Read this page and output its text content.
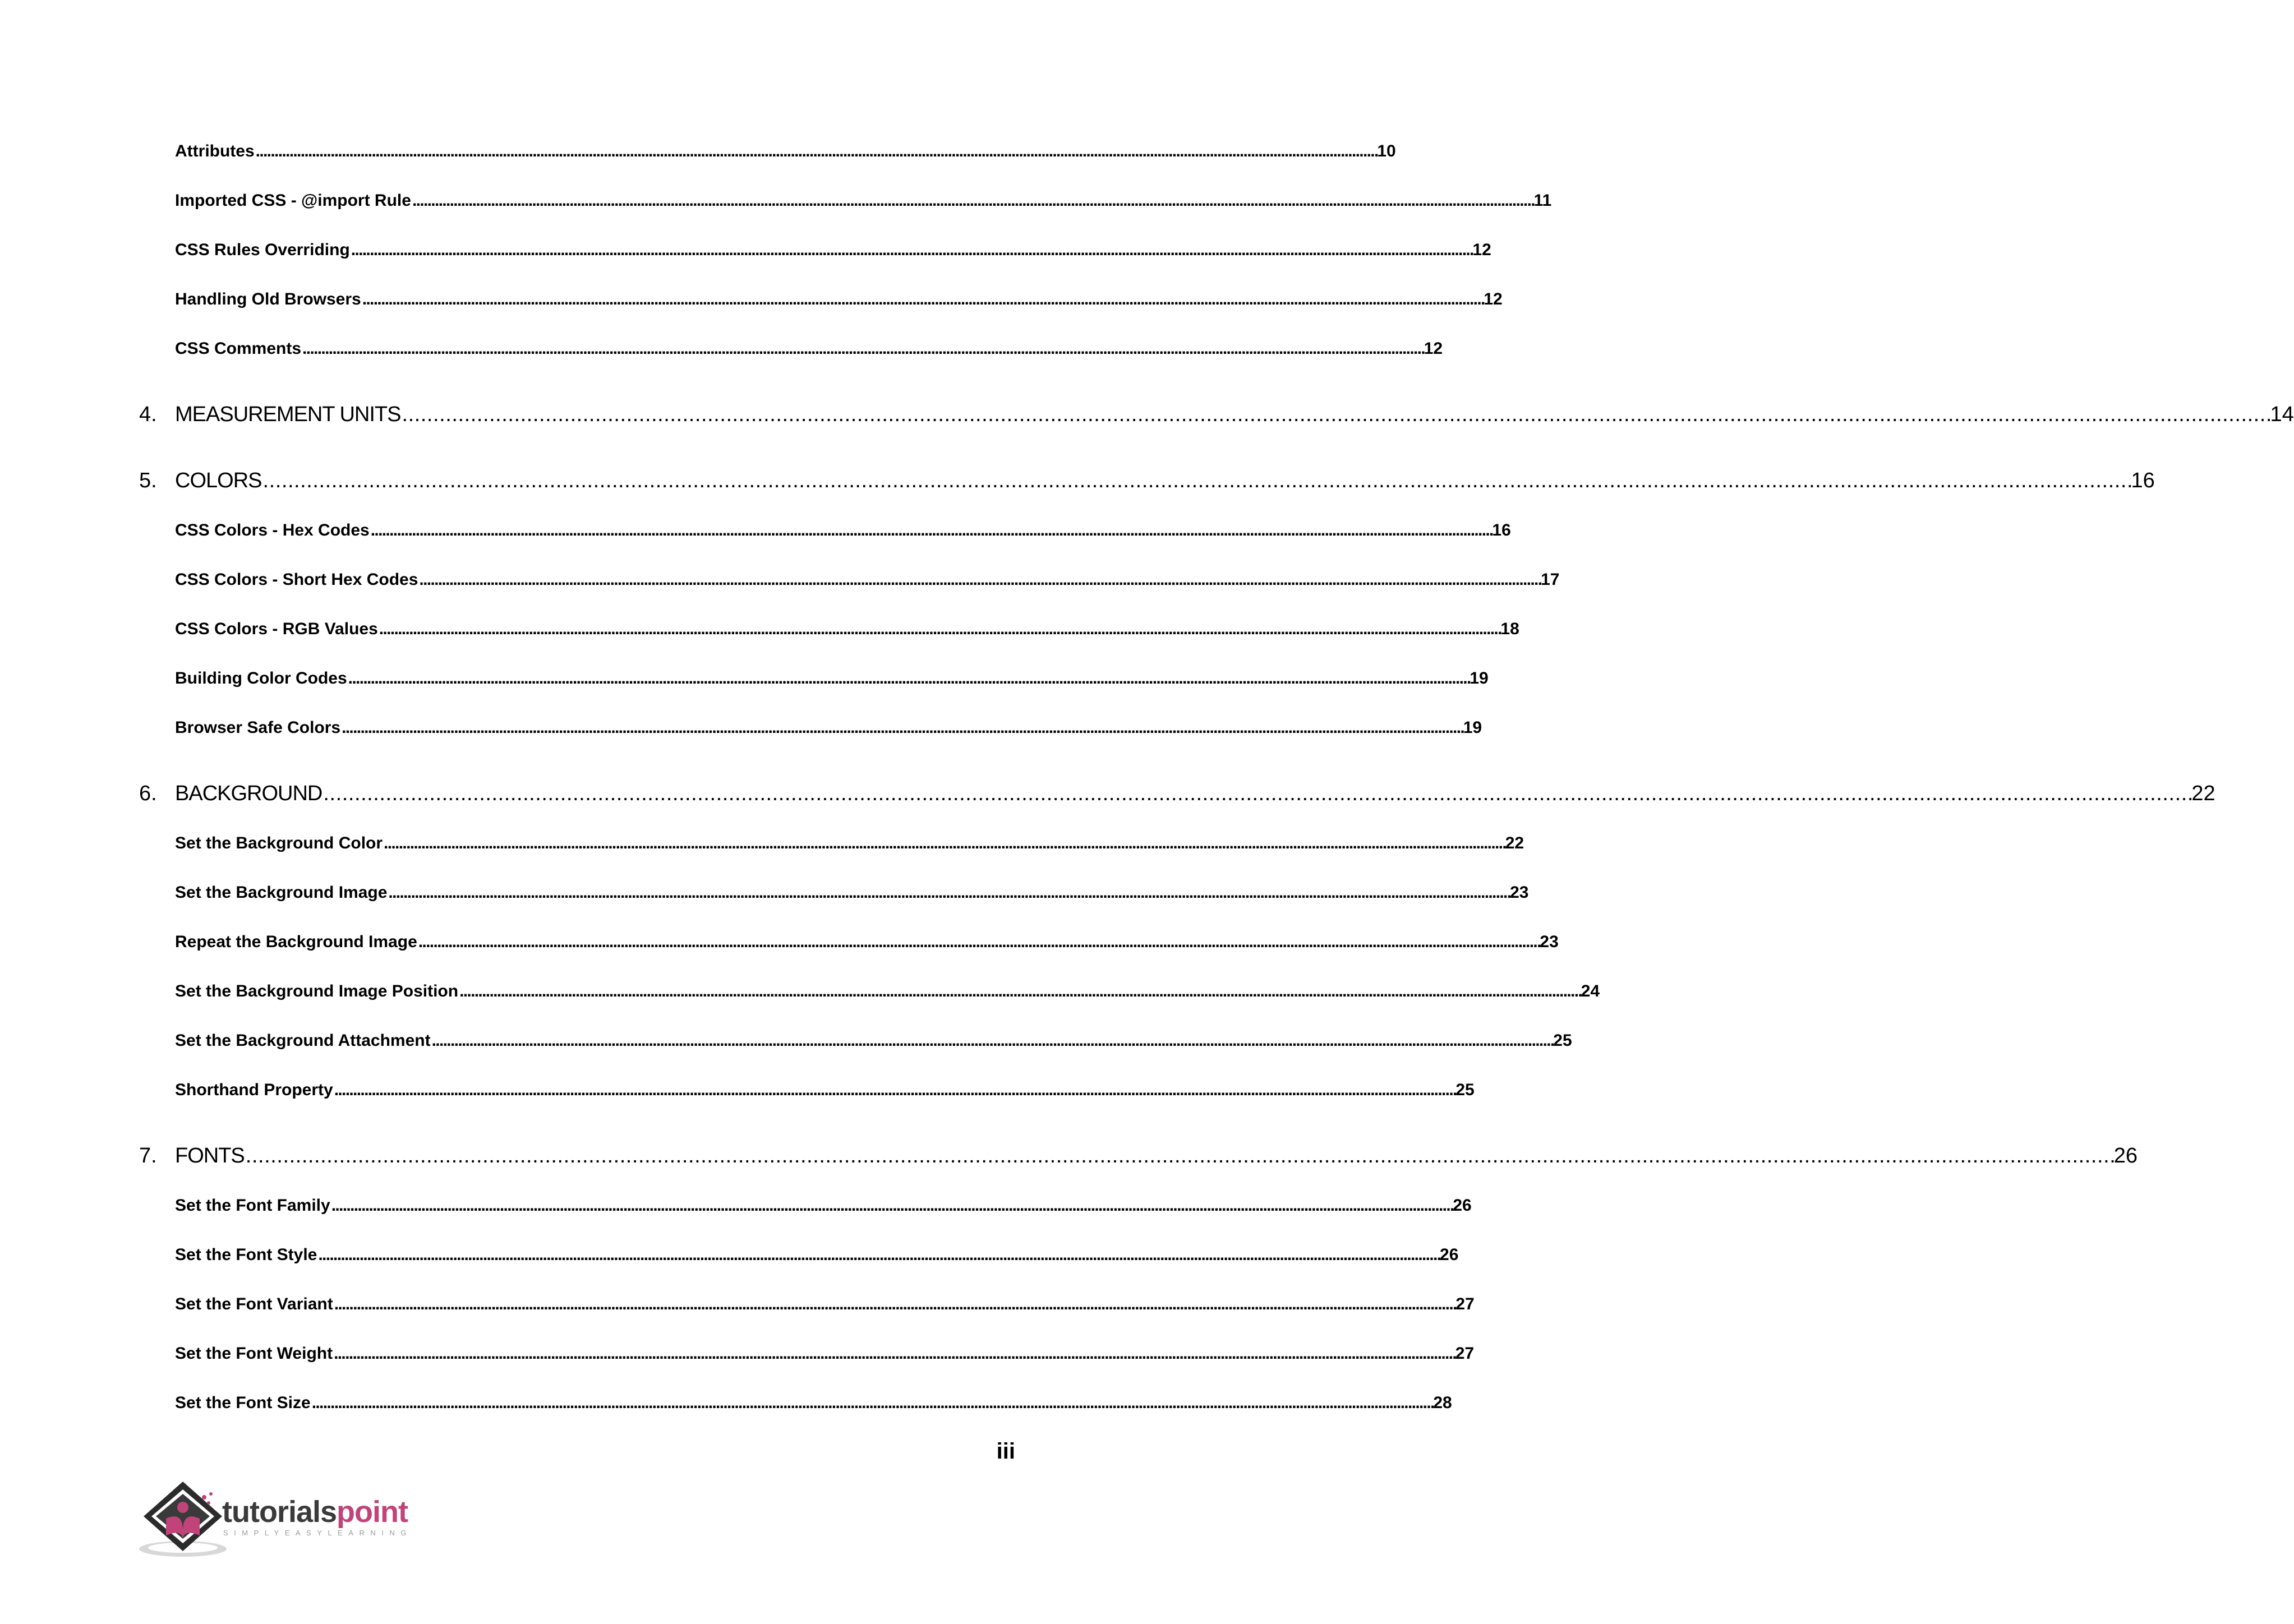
Attributes . . .	10
Imported CSS - @import Rule . . .	11
CSS Rules Overriding . . .	12
Handling Old Browsers . . .	12
CSS Comments . . .	12
4. MEASUREMENT UNITS . . .	14
5. COLORS . . .	16
CSS Colors - Hex Codes . . .	16
CSS Colors - Short Hex Codes . . .	17
CSS Colors - RGB Values . . .	18
Building Color Codes . . .	19
Browser Safe Colors . . .	19
6. BACKGROUND . . .	22
Set the Background Color . . .	22
Set the Background Image . . .	23
Repeat the Background Image . . .	23
Set the Background Image Position . . .	24
Set the Background Attachment . . .	25
Shorthand Property . . .	25
7. FONTS . . .	26
Set the Font Family . . .	26
Set the Font Style . . .	26
Set the Font Variant . . .	27
Set the Font Weight . . .	27
Set the Font Size . . .	28
iii
tutorialspoint
SIMPLYEASYLEARNING
